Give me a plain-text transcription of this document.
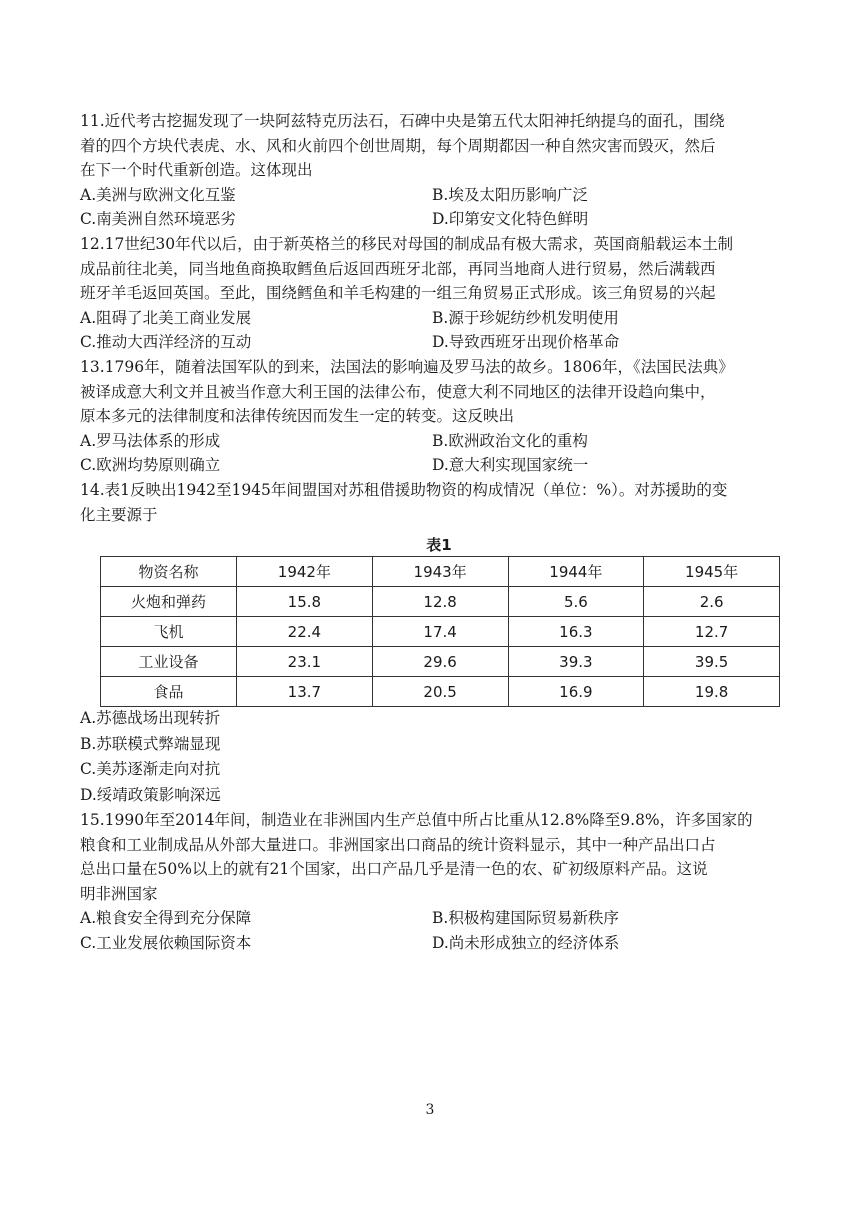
11.近代考古挖掘发现了一块阿兹特克历法石，石碑中央是第五代太阳神托纳提乌的面孔，围绕
着的四个方块代表虎、水、风和火前四个创世周期，每个周期都因一种自然灾害而毁灭，然后
在下一个时代重新创造。这体现出
A.美洲与欧洲文化互鉴	B.埃及太阳历影响广泛
C.南美洲自然环境恶劣	D.印第安文化特色鲜明
12.17世纪30年代以后，由于新英格兰的移民对母国的制成品有极大需求，英国商船载运本土制
成品前往北美，同当地鱼商换取鳕鱼后返回西班牙北部，再同当地商人进行贸易，然后满载西
班牙羊毛返回英国。至此，围绕鳕鱼和羊毛构建的一组三角贸易正式形成。该三角贸易的兴起
A.阻碍了北美工商业发展	B.源于珍妮纺纱机发明使用
C.推动大西洋经济的互动	D.导致西班牙出现价格革命
13.1796年，随着法国军队的到来，法国法的影响遍及罗马法的故乡。1806年，《法国民法典》
被译成意大利文并且被当作意大利王国的法律公布，使意大利不同地区的法律开设趋向集中，
原本多元的法律制度和法律传统因而发生一定的转变。这反映出
A.罗马法体系的形成	B.欧洲政治文化的重构
C.欧洲均势原则确立	D.意大利实现国家统一
14.表1反映出1942至1945年间盟国对苏租借援助物资的构成情况（单位：%）。对苏援助的变
化主要源于
表1
物资名称	1942年	1943年	1944年	1945年
火炮和弹药	15.8	12.8	5.6	2.6
飞机	22.4	17.4	16.3	12.7
工业设备	23.1	29.6	39.3	39.5
食品	13.7	20.5	16.9	19.8
A.苏德战场出现转折
B.苏联模式弊端显现
C.美苏逐渐走向对抗
D.绥靖政策影响深远
15.1990年至2014年间，制造业在非洲国内生产总值中所占比重从12.8%降至9.8%，许多国家的
粮食和工业制成品从外部大量进口。非洲国家出口商品的统计资料显示，其中一种产品出口占
总出口量在50%以上的就有21个国家，出口产品几乎是清一色的农、矿初级原料产品。这说
明非洲国家
A.粮食安全得到充分保障	B.积极构建国际贸易新秩序
C.工业发展依赖国际资本	D.尚未形成独立的经济体系
3
